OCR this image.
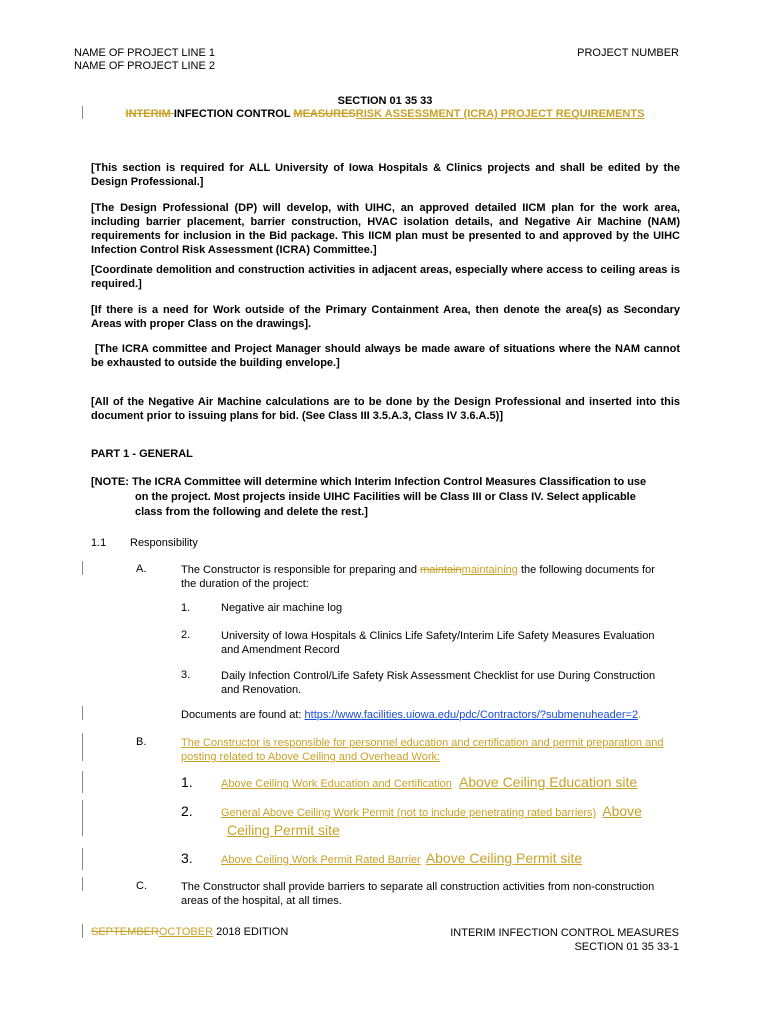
NAME OF PROJECT LINE 1
NAME OF PROJECT LINE 2
PROJECT NUMBER
SECTION 01 35 33
INTERIM INFECTION CONTROL MEASURESRISK ASSESSMENT (ICRA) PROJECT REQUIREMENTS
[This section is required for ALL University of Iowa Hospitals & Clinics projects and shall be edited by the Design Professional.]
[The Design Professional (DP) will develop, with UIHC, an approved detailed IICM plan for the work area, including barrier placement, barrier construction, HVAC isolation details, and Negative Air Machine (NAM) requirements for inclusion in the Bid package. This IICM plan must be presented to and approved by the UIHC Infection Control Risk Assessment (ICRA) Committee.]
[Coordinate demolition and construction activities in adjacent areas, especially where access to ceiling areas is required.]
[If there is a need for Work outside of the Primary Containment Area, then denote the area(s) as Secondary Areas with proper Class on the drawings].
[The ICRA committee and Project Manager should always be made aware of situations where the NAM cannot be exhausted to outside the building envelope.]
[All of the Negative Air Machine calculations are to be done by the Design Professional and inserted into this document prior to issuing plans for bid. (See Class III 3.5.A.3, Class IV 3.6.A.5)]
PART 1 - GENERAL
[NOTE: The ICRA Committee will determine which Interim Infection Control Measures Classification to use
on the project. Most projects inside UIHC Facilities will be Class III or Class IV. Select applicable
class from the following and delete the rest.]
1.1 Responsibility
A.	The Constructor is responsible for preparing and maintainmaintaining the following documents for
the duration of the project:
1.	Negative air machine log
2.	University of Iowa Hospitals & Clinics Life Safety/Interim Life Safety Measures Evaluation
and Amendment Record
3.	Daily Infection Control/Life Safety Risk Assessment Checklist for use During Construction
and Renovation.
Documents are found at: https://www.facilities.uiowa.edu/pdc/Contractors/?submenuheader=2.
B.	The Constructor is responsible for personnel education and certification and permit preparation and
posting related to Above Ceiling and Overhead Work:
1.	Above Ceiling Work Education and Certification Above Ceiling Education site
2.	General Above Ceiling Work Permit (not to include penetrating rated barriers) Above
Ceiling Permit site
3.	Above Ceiling Work Permit Rated Barrier Above Ceiling Permit site
C.	The Constructor shall provide barriers to separate all construction activities from non-construction
areas of the hospital, at all times.
SEPTEMBEROCTOBER 2018 EDITION	INTERIM INFECTION CONTROL MEASURES
SECTION 01 35 33-1
